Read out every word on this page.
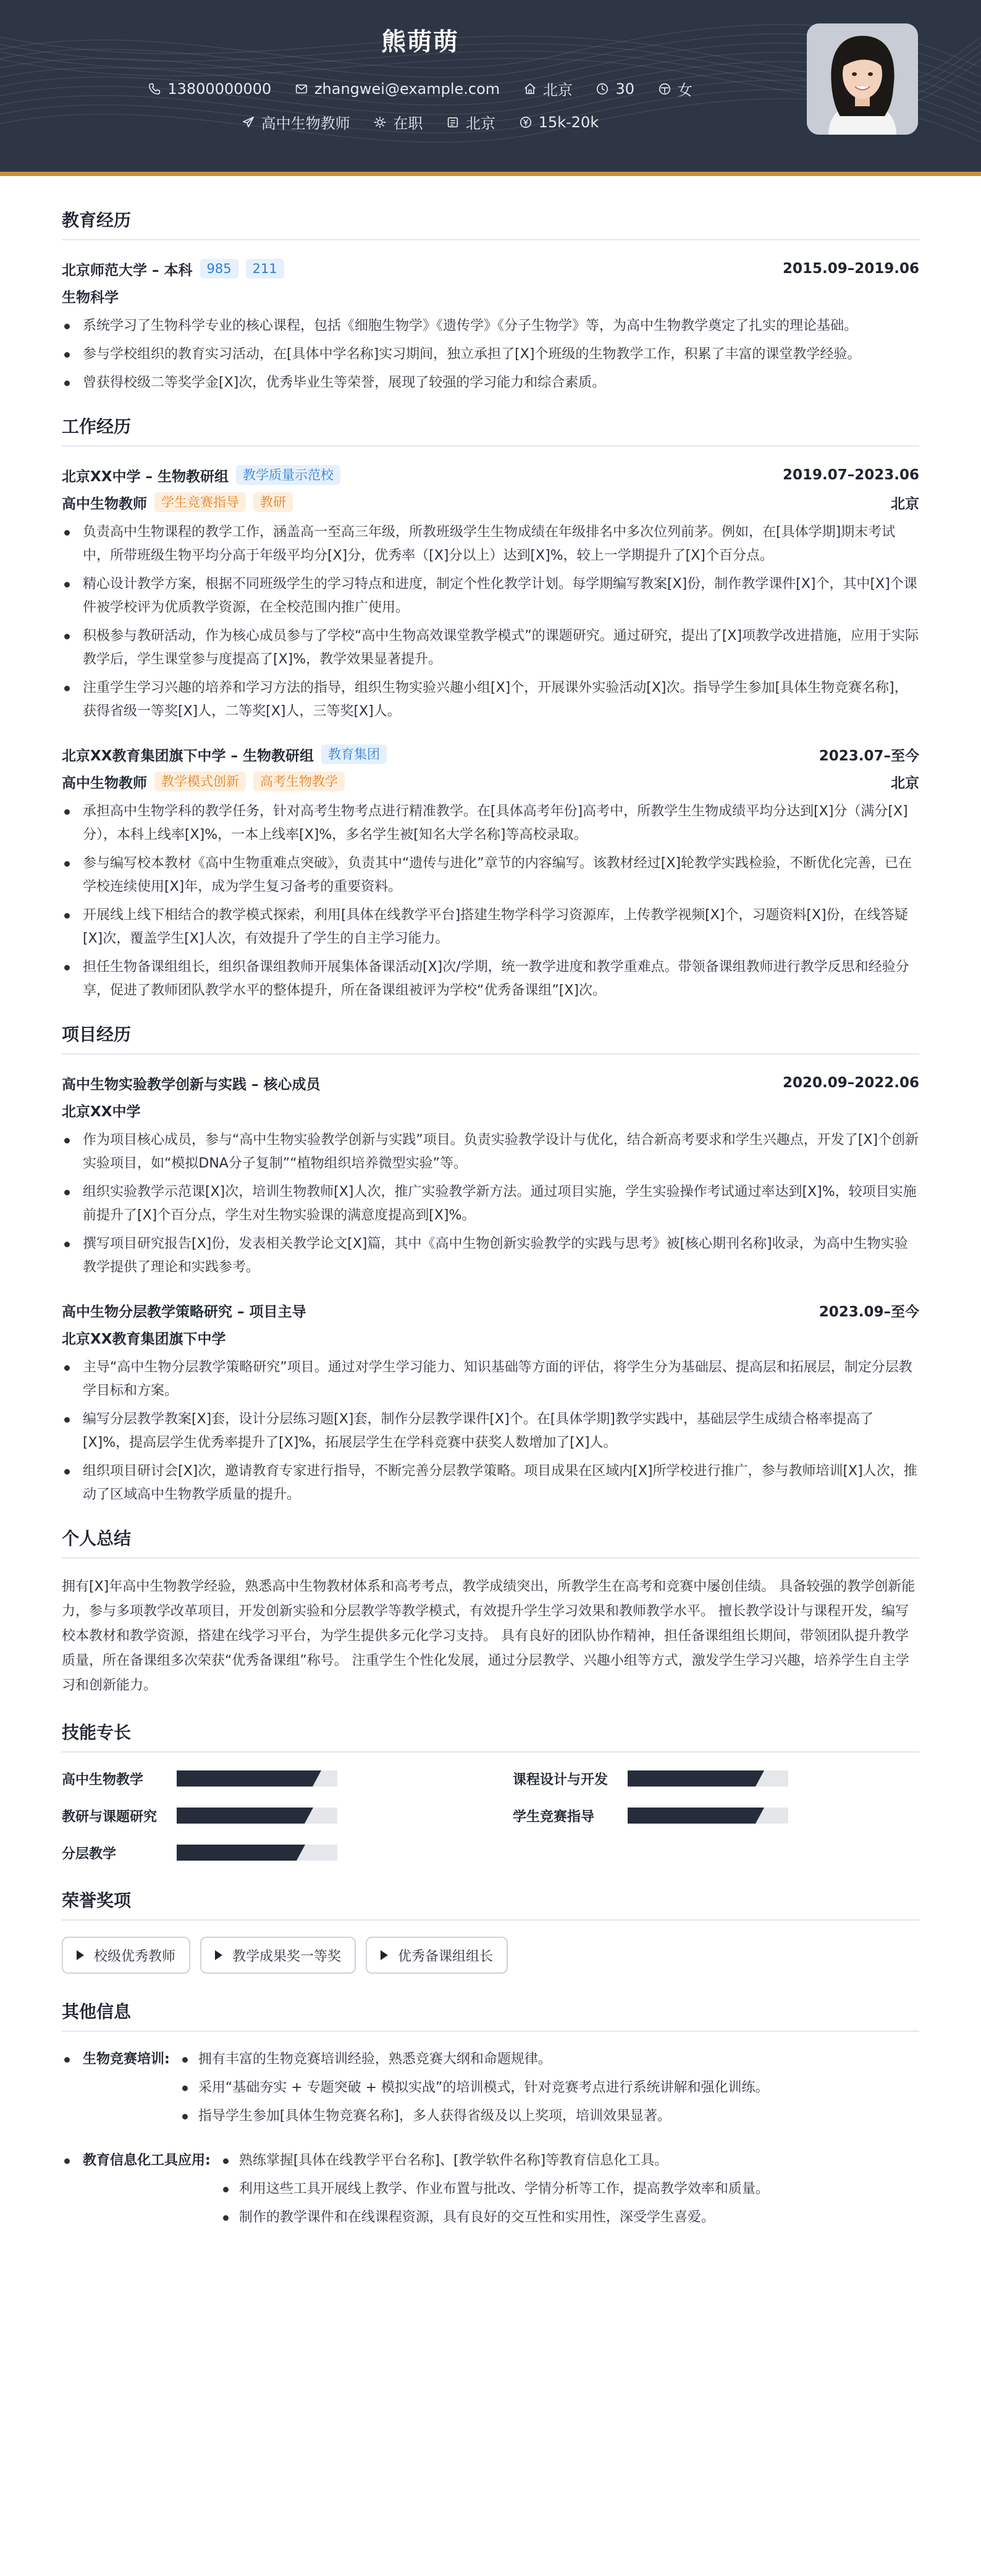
熊萌萌
13800000000
	zhangwei@example.com
	北京
	30
	女
高中生物教师
	在职
	北京
	15k-20k
教育经历
北京师范大学 – 本科	985	211	2015.09–2019.06
生物科学
系统学习了生物科学专业的核心课程，包括《细胞生物学》《遗传学》《分子生物学》等，为高中生物教学奠定了扎实的理论基础。
参与学校组织的教育实习活动，在[具体中学名称]实习期间，独立承担了[X]个班级的生物教学工作，积累了丰富的课堂教学经验。
曾获得校级二等奖学金[X]次，优秀毕业生等荣誉，展现了较强的学习能力和综合素质。
工作经历
北京XX中学 – 生物教研组	教学质量示范校	2019.07–2023.06
高中生物教师	学生竞赛指导	教研	北京
负责高中生物课程的教学工作，涵盖高一至高三年级，所教班级学生生物成绩在年级排名中多次位列前茅。例如，在[具体学期]期末考试中，所带班级生物平均分高于年级平均分[X]分，优秀率（[X]分以上）达到[X]%，较上一学期提升了[X]个百分点。
精心设计教学方案，根据不同班级学生的学习特点和进度，制定个性化教学计划。每学期编写教案[X]份，制作教学课件[X]个，其中[X]个课件被学校评为优质教学资源，在全校范围内推广使用。
积极参与教研活动，作为核心成员参与了学校“高中生物高效课堂教学模式”的课题研究。通过研究，提出了[X]项教学改进措施，应用于实际教学后，学生课堂参与度提高了[X]%，教学效果显著提升。
注重学生学习兴趣的培养和学习方法的指导，组织生物实验兴趣小组[X]个，开展课外实验活动[X]次。指导学生参加[具体生物竞赛名称]，获得省级一等奖[X]人，二等奖[X]人，三等奖[X]人。
北京XX教育集团旗下中学 – 生物教研组	教育集团	2023.07–至今
高中生物教师	教学模式创新	高考生物教学	北京
承担高中生物学科的教学任务，针对高考生物考点进行精准教学。在[具体高考年份]高考中，所教学生生物成绩平均分达到[X]分（满分[X]分），本科上线率[X]%，一本上线率[X]%，多名学生被[知名大学名称]等高校录取。
参与编写校本教材《高中生物重难点突破》，负责其中“遗传与进化”章节的内容编写。该教材经过[X]轮教学实践检验，不断优化完善，已在学校连续使用[X]年，成为学生复习备考的重要资料。
开展线上线下相结合的教学模式探索，利用[具体在线教学平台]搭建生物学科学习资源库，上传教学视频[X]个，习题资料[X]份，在线答疑[X]次，覆盖学生[X]人次，有效提升了学生的自主学习能力。
担任生物备课组组长，组织备课组教师开展集体备课活动[X]次/学期，统一教学进度和教学重难点。带领备课组教师进行教学反思和经验分享，促进了教师团队教学水平的整体提升，所在备课组被评为学校“优秀备课组”[X]次。
项目经历
高中生物实验教学创新与实践 – 核心成员	2020.09–2022.06
北京XX中学
作为项目核心成员，参与“高中生物实验教学创新与实践”项目。负责实验教学设计与优化，结合新高考要求和学生兴趣点，开发了[X]个创新实验项目，如“模拟DNA分子复制”“植物组织培养微型实验”等。
组织实验教学示范课[X]次，培训生物教师[X]人次，推广实验教学新方法。通过项目实施，学生实验操作考试通过率达到[X]%，较项目实施前提升了[X]个百分点，学生对生物实验课的满意度提高到[X]%。
撰写项目研究报告[X]份，发表相关教学论文[X]篇，其中《高中生物创新实验教学的实践与思考》被[核心期刊名称]收录，为高中生物实验教学提供了理论和实践参考。
高中生物分层教学策略研究 – 项目主导	2023.09–至今
北京XX教育集团旗下中学
主导“高中生物分层教学策略研究”项目。通过对学生学习能力、知识基础等方面的评估，将学生分为基础层、提高层和拓展层，制定分层教学目标和方案。
编写分层教学教案[X]套，设计分层练习题[X]套，制作分层教学课件[X]个。在[具体学期]教学实践中，基础层学生成绩合格率提高了[X]%，提高层学生优秀率提升了[X]%，拓展层学生在学科竞赛中获奖人数增加了[X]人。
组织项目研讨会[X]次，邀请教育专家进行指导，不断完善分层教学策略。项目成果在区域内[X]所学校进行推广，参与教师培训[X]人次，推动了区域高中生物教学质量的提升。
个人总结
拥有[X]年高中生物教学经验，熟悉高中生物教材体系和高考考点，教学成绩突出，所教学生在高考和竞赛中屡创佳绩。 具备较强的教学创新能力，参与多项教学改革项目，开发创新实验和分层教学等教学模式，有效提升学生学习效果和教师教学水平。 擅长教学设计与课程开发，编写校本教材和教学资源，搭建在线学习平台，为学生提供多元化学习支持。 具有良好的团队协作精神，担任备课组组长期间，带领团队提升教学质量，所在备课组多次荣获“优秀备课组”称号。 注重学生个性化发展，通过分层教学、兴趣小组等方式，激发学生学习兴趣，培养学生自主学习和创新能力。
技能专长
高中生物教学	课程设计与开发
教研与课题研究	学生竞赛指导
分层教学
荣誉奖项
校级优秀教师	教学成果奖一等奖	优秀备课组组长
其他信息
生物竞赛培训:	拥有丰富的生物竞赛培训经验，熟悉竞赛大纲和命题规律。
采用“基础夯实 + 专题突破 + 模拟实战”的培训模式，针对竞赛考点进行系统讲解和强化训练。
指导学生参加[具体生物竞赛名称]，多人获得省级及以上奖项，培训效果显著。
教育信息化工具应用:	熟练掌握[具体在线教学平台名称]、[教学软件名称]等教育信息化工具。
利用这些工具开展线上教学、作业布置与批改、学情分析等工作，提高教学效率和质量。
制作的教学课件和在线课程资源，具有良好的交互性和实用性，深受学生喜爱。
